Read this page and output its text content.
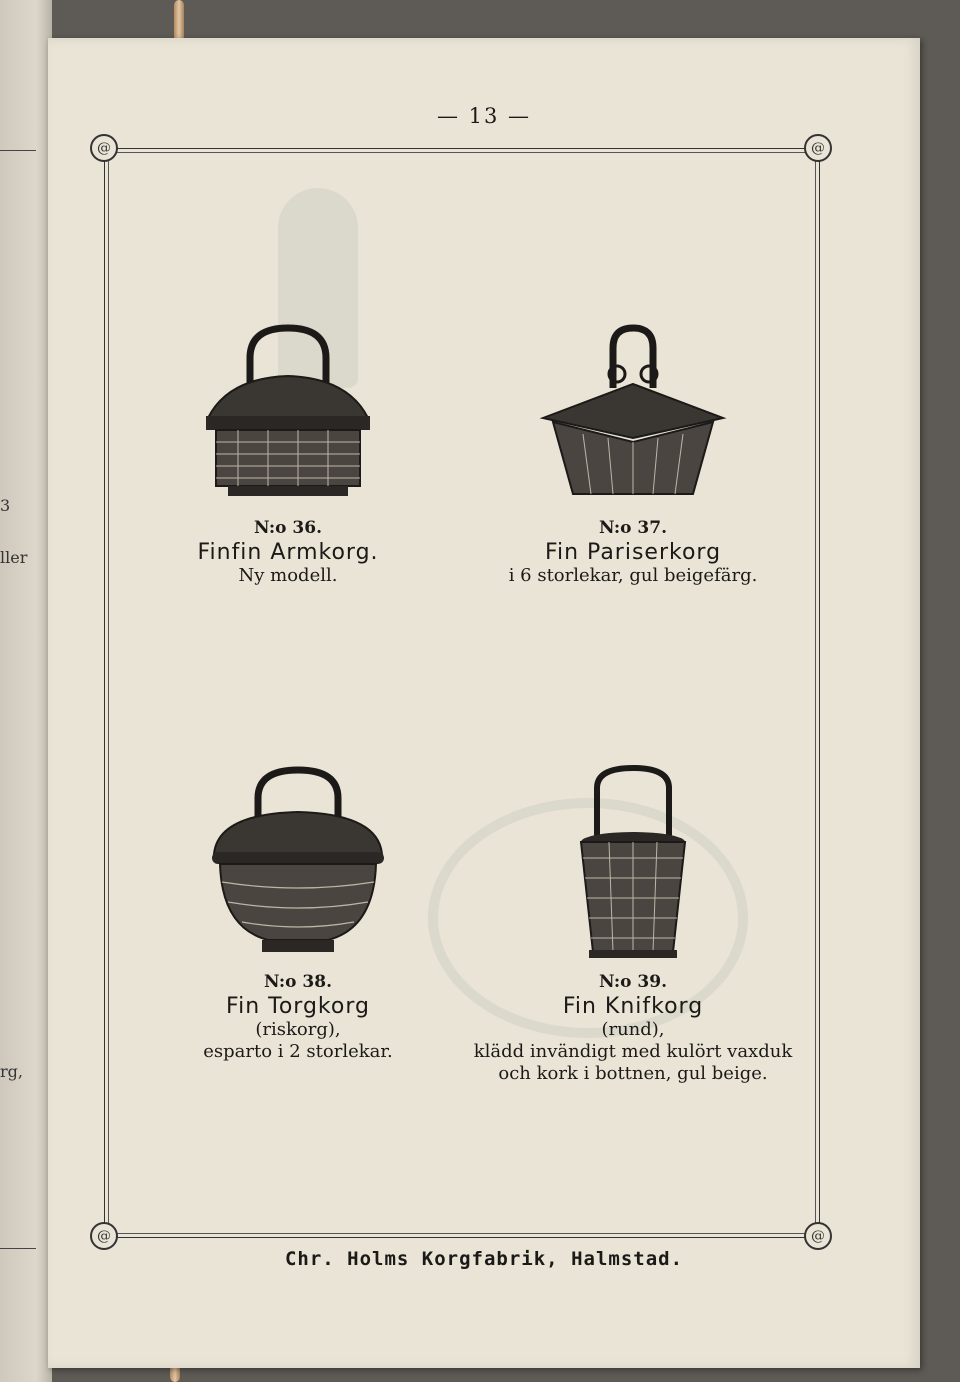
3
ller
rg,
— 13 —
@	@
@	@
N:o 36.
Finfin Armkorg.
Ny modell.
N:o 37.
Fin Pariserkorg
i 6 storlekar, gul beigefärg.
N:o 38.
Fin Torgkorg
(riskorg),
esparto i 2 storlekar.
N:o 39.
Fin Knifkorg
(rund),
klädd invändigt med kulört vaxduk
och kork i bottnen, gul beige.
Chr. Holms Korgfabrik, Halmstad.
